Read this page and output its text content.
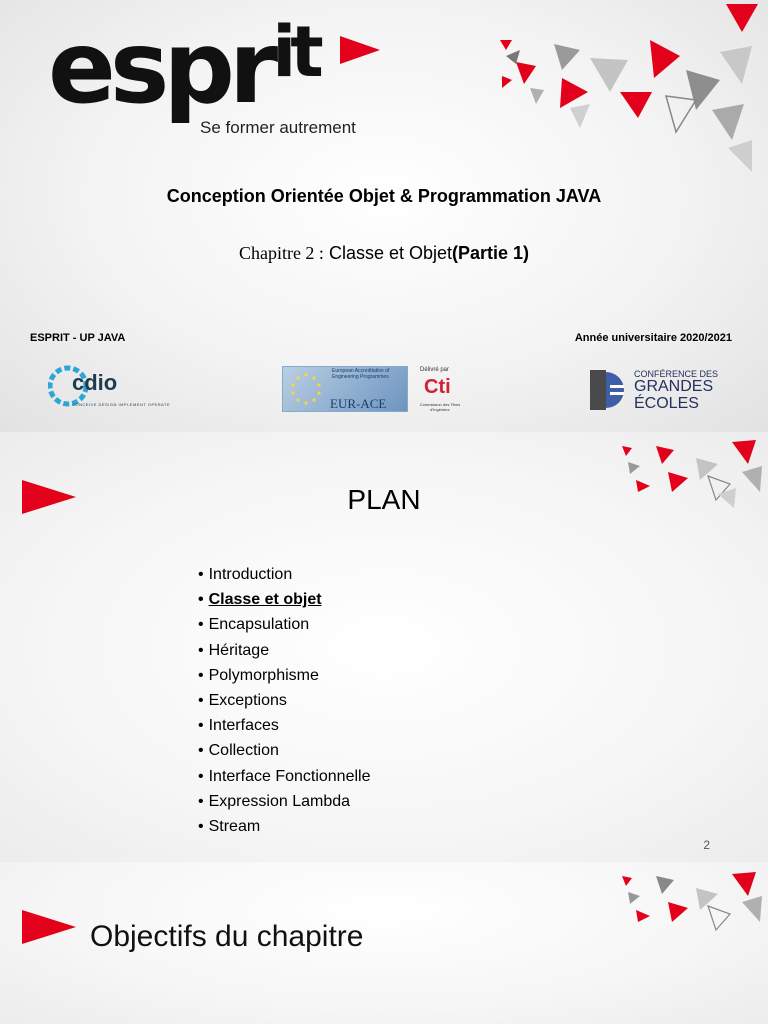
espr$^{it}$
Se former autrement
Conception Orientée Objet & Programmation JAVA
Chapitre 2 : Classe et Objet(Partie 1)
ESPRIT - UP JAVA	Année universitaire 2020/2021
cdio
CONCEIVE DESIGN IMPLEMENT OPERATE
European Accreditation of Engineering Programmes
EUR-ACE
Délivré par
Cti
Commission des Titres d'Ingénieur
CONFÉRENCE DES
GRANDES
ÉCOLES
PLAN
• Introduction
• Classe et objet
• Encapsulation
• Héritage
• Polymorphisme
• Exceptions
• Interfaces
• Collection
• Interface Fonctionnelle
• Expression Lambda
• Stream
2
Objectifs du chapitre
